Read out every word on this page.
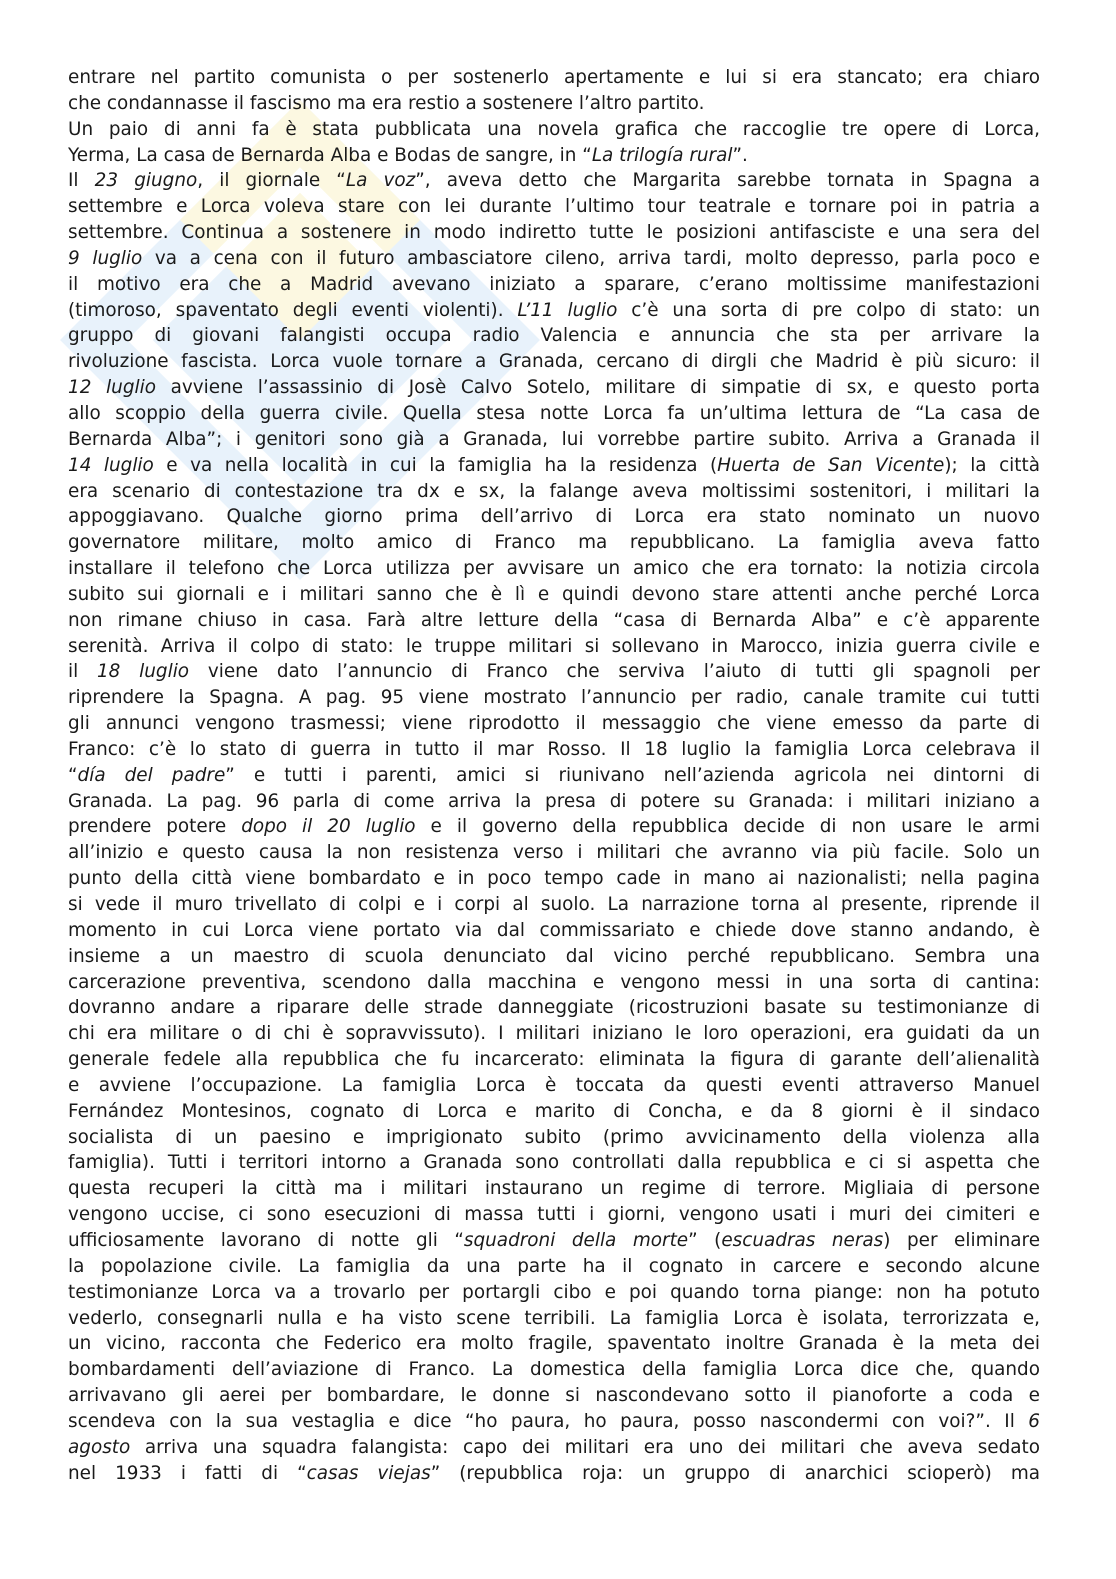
entrare nel partito comunista o per sostenerlo apertamente e lui si era stancato; era chiaro
che condannasse il fascismo ma era restio a sostenere l’altro partito.
Un paio di anni fa è stata pubblicata una novela grafica che raccoglie tre opere di Lorca,
Yerma, La casa de Bernarda Alba e Bodas de sangre, in “La trilogía rural”.
Il 23 giugno, il giornale “La voz”, aveva detto che Margarita sarebbe tornata in Spagna a
settembre e Lorca voleva stare con lei durante l’ultimo tour teatrale e tornare poi in patria a
settembre. Continua a sostenere in modo indiretto tutte le posizioni antifasciste e una sera del
9 luglio va a cena con il futuro ambasciatore cileno, arriva tardi, molto depresso, parla poco e
il motivo era che a Madrid avevano iniziato a sparare, c’erano moltissime manifestazioni
(timoroso, spaventato degli eventi violenti). L’11 luglio c’è una sorta di pre colpo di stato: un
gruppo di giovani falangisti occupa radio Valencia e annuncia che sta per arrivare la
rivoluzione fascista. Lorca vuole tornare a Granada, cercano di dirgli che Madrid è più sicuro: il
12 luglio avviene l’assassinio di Josè Calvo Sotelo, militare di simpatie di sx, e questo porta
allo scoppio della guerra civile. Quella stesa notte Lorca fa un’ultima lettura de “La casa de
Bernarda Alba”; i genitori sono già a Granada, lui vorrebbe partire subito. Arriva a Granada il
14 luglio e va nella località in cui la famiglia ha la residenza (Huerta de San Vicente); la città
era scenario di contestazione tra dx e sx, la falange aveva moltissimi sostenitori, i militari la
appoggiavano. Qualche giorno prima dell’arrivo di Lorca era stato nominato un nuovo
governatore militare, molto amico di Franco ma repubblicano. La famiglia aveva fatto
installare il telefono che Lorca utilizza per avvisare un amico che era tornato: la notizia circola
subito sui giornali e i militari sanno che è lì e quindi devono stare attenti anche perché Lorca
non rimane chiuso in casa. Farà altre letture della “casa di Bernarda Alba” e c’è apparente
serenità. Arriva il colpo di stato: le truppe militari si sollevano in Marocco, inizia guerra civile e
il 18 luglio viene dato l’annuncio di Franco che serviva l’aiuto di tutti gli spagnoli per
riprendere la Spagna. A pag. 95 viene mostrato l’annuncio per radio, canale tramite cui tutti
gli annunci vengono trasmessi; viene riprodotto il messaggio che viene emesso da parte di
Franco: c’è lo stato di guerra in tutto il mar Rosso. Il 18 luglio la famiglia Lorca celebrava il
“día del padre” e tutti i parenti, amici si riunivano nell’azienda agricola nei dintorni di
Granada. La pag. 96 parla di come arriva la presa di potere su Granada: i militari iniziano a
prendere potere dopo il 20 luglio e il governo della repubblica decide di non usare le armi
all’inizio e questo causa la non resistenza verso i militari che avranno via più facile. Solo un
punto della città viene bombardato e in poco tempo cade in mano ai nazionalisti; nella pagina
si vede il muro trivellato di colpi e i corpi al suolo. La narrazione torna al presente, riprende il
momento in cui Lorca viene portato via dal commissariato e chiede dove stanno andando, è
insieme a un maestro di scuola denunciato dal vicino perché repubblicano. Sembra una
carcerazione preventiva, scendono dalla macchina e vengono messi in una sorta di cantina:
dovranno andare a riparare delle strade danneggiate (ricostruzioni basate su testimonianze di
chi era militare o di chi è sopravvissuto). I militari iniziano le loro operazioni, era guidati da un
generale fedele alla repubblica che fu incarcerato: eliminata la figura di garante dell’alienalità
e avviene l’occupazione. La famiglia Lorca è toccata da questi eventi attraverso Manuel
Fernández Montesinos, cognato di Lorca e marito di Concha, e da 8 giorni è il sindaco
socialista di un paesino e imprigionato subito (primo avvicinamento della violenza alla
famiglia). Tutti i territori intorno a Granada sono controllati dalla repubblica e ci si aspetta che
questa recuperi la città ma i militari instaurano un regime di terrore. Migliaia di persone
vengono uccise, ci sono esecuzioni di massa tutti i giorni, vengono usati i muri dei cimiteri e
ufficiosamente lavorano di notte gli “squadroni della morte” (escuadras neras) per eliminare
la popolazione civile. La famiglia da una parte ha il cognato in carcere e secondo alcune
testimonianze Lorca va a trovarlo per portargli cibo e poi quando torna piange: non ha potuto
vederlo, consegnarli nulla e ha visto scene terribili. La famiglia Lorca è isolata, terrorizzata e,
un vicino, racconta che Federico era molto fragile, spaventato inoltre Granada è la meta dei
bombardamenti dell’aviazione di Franco. La domestica della famiglia Lorca dice che, quando
arrivavano gli aerei per bombardare, le donne si nascondevano sotto il pianoforte a coda e
scendeva con la sua vestaglia e dice “ho paura, ho paura, posso nascondermi con voi?”. Il 6
agosto arriva una squadra falangista: capo dei militari era uno dei militari che aveva sedato
nel 1933 i fatti di “casas viejas” (repubblica roja: un gruppo di anarchici scioperò) ma
